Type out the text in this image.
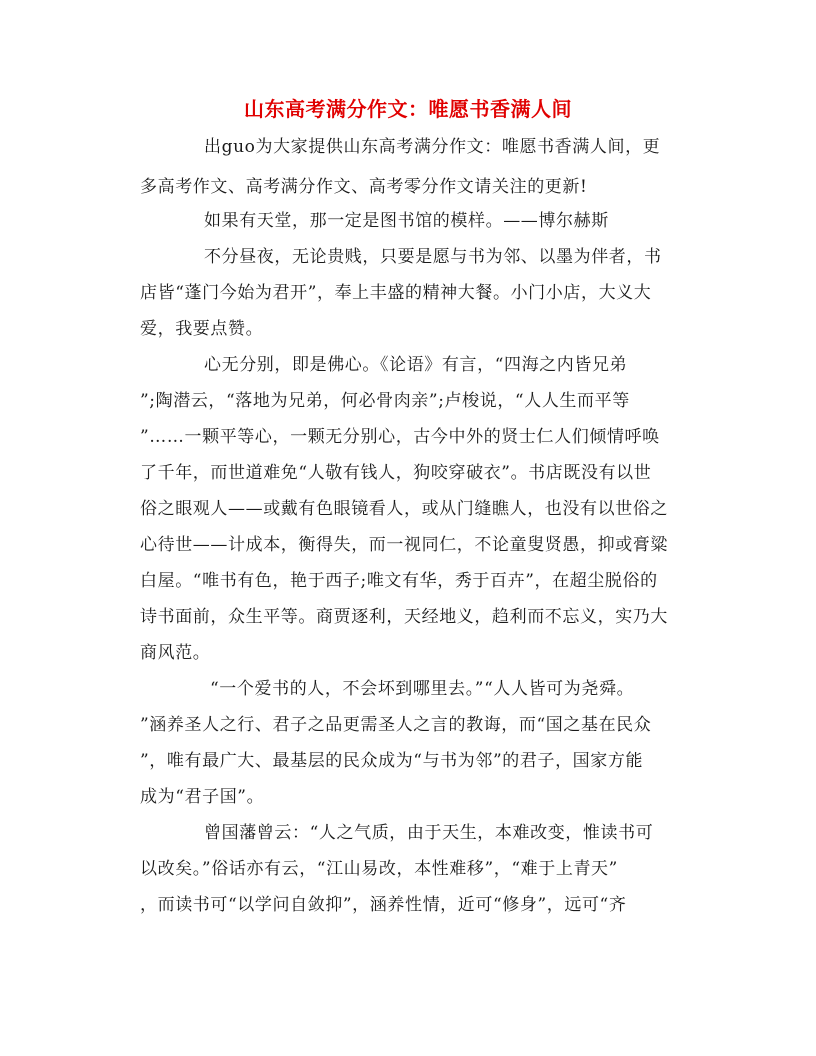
山东高考满分作文：唯愿书香满人间
出guo为大家提供山东高考满分作文：唯愿书香满人间，更
多高考作文、高考满分作文、高考零分作文请关注的更新!
如果有天堂，那一定是图书馆的模样。——博尔赫斯
不分昼夜，无论贵贱，只要是愿与书为邻、以墨为伴者，书
店皆“蓬门今始为君开”，奉上丰盛的精神大餐。小门小店，大义大
爱，我要点赞。
心无分别，即是佛心。《论语》有言，“四海之内皆兄弟
”;陶潜云，“落地为兄弟，何必骨肉亲”;卢梭说，“人人生而平等
”……一颗平等心，一颗无分别心，古今中外的贤士仁人们倾情呼唤
了千年，而世道难免“人敬有钱人，狗咬穿破衣”。书店既没有以世
俗之眼观人——或戴有色眼镜看人，或从门缝瞧人，也没有以世俗之
心待世——计成本，衡得失，而一视同仁，不论童叟贤愚，抑或膏粱
白屋。“唯书有色，艳于西子;唯文有华，秀于百卉”，在超尘脱俗的
诗书面前，众生平等。商贾逐利，天经地义，趋利而不忘义，实乃大
商风范。
“一个爱书的人，不会坏到哪里去。”“人人皆可为尧舜。
”涵养圣人之行、君子之品更需圣人之言的教诲，而“国之基在民众
”，唯有最广大、最基层的民众成为“与书为邻”的君子，国家方能
成为“君子国”。
曾国藩曾云：“人之气质，由于天生，本难改变，惟读书可
以改矣。”俗话亦有云，“江山易改，本性难移”，“难于上青天”
，而读书可“以学问自敛抑”，涵养性情，近可“修身”，远可“齐
